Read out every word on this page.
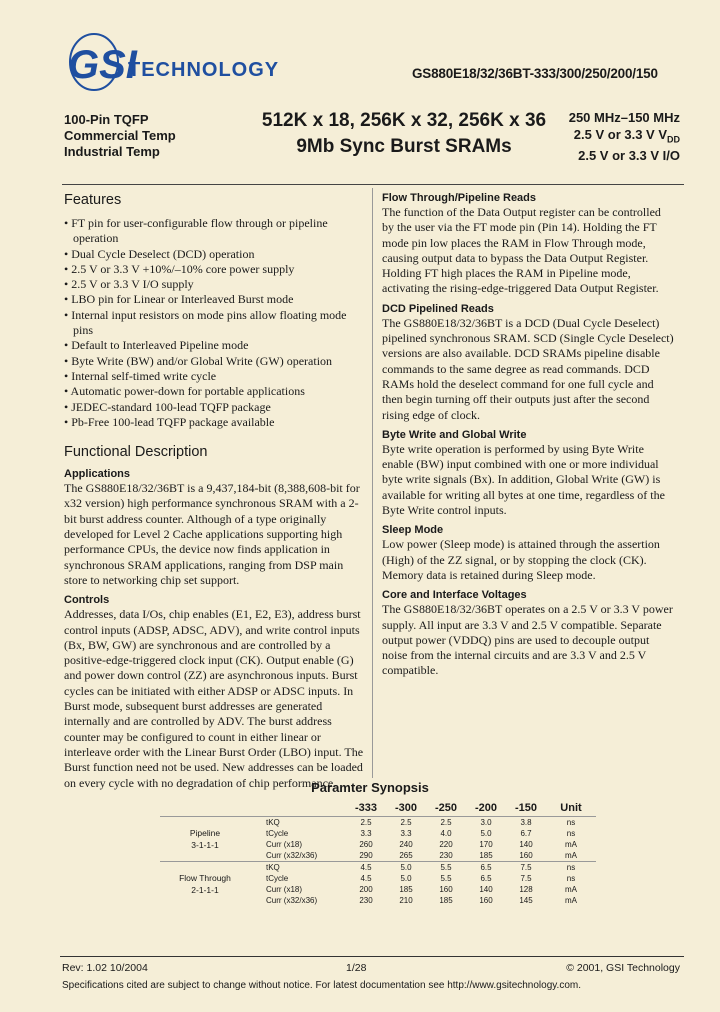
GSI
TECHNOLOGY	GS880E18/32/36BT-333/300/250/200/150
100-Pin TQFP
Commercial Temp
Industrial Temp
512K x 18, 256K x 32, 256K x 36
9Mb Sync Burst SRAMs
250 MHz–150 MHz
2.5 V or 3.3 V $V_{DD}$
2.5 V or 3.3 V I/O
Features
• FT pin for user-configurable flow through or pipeline operation
• Dual Cycle Deselect (DCD) operation
• 2.5 V or 3.3 V +10%/–10% core power supply
• 2.5 V or 3.3 V I/O supply
• LBO pin for Linear or Interleaved Burst mode
• Internal input resistors on mode pins allow floating mode pins
• Default to Interleaved Pipeline mode
• Byte Write (BW) and/or Global Write (GW) operation
• Internal self-timed write cycle
• Automatic power-down for portable applications
• JEDEC-standard 100-lead TQFP package
• Pb-Free 100-lead TQFP package available
Functional Description
Applications

The GS880E18/32/36BT is a 9,437,184-bit (8,388,608-bit for x32 version) high performance synchronous SRAM with a 2-bit burst address counter. Although of a type originally developed for Level 2 Cache applications supporting high performance CPUs, the device now finds application in synchronous SRAM applications, ranging from DSP main store to networking chip set support.

Controls

Addresses, data I/Os, chip enables (E1, E2, E3), address burst control inputs (ADSP, ADSC, ADV), and write control inputs (Bx, BW, GW) are synchronous and are controlled by a positive-edge-triggered clock input (CK). Output enable (G) and power down control (ZZ) are asynchronous inputs. Burst cycles can be initiated with either ADSP or ADSC inputs. In Burst mode, subsequent burst addresses are generated internally and are controlled by ADV. The burst address counter may be configured to count in either linear or interleave order with the Linear Burst Order (LBO) input. The Burst function need not be used. New addresses can be loaded on every cycle with no degradation of chip performance.

Flow Through/Pipeline Reads

The function of the Data Output register can be controlled by the user via the FT mode pin (Pin 14). Holding the FT mode pin low places the RAM in Flow Through mode, causing output data to bypass the Data Output Register. Holding FT high places the RAM in Pipeline mode, activating the rising-edge-triggered Data Output Register.

DCD Pipelined Reads

The GS880E18/32/36BT is a DCD (Dual Cycle Deselect) pipelined synchronous SRAM. SCD (Single Cycle Deselect) versions are also available. DCD SRAMs pipeline disable commands to the same degree as read commands. DCD RAMs hold the deselect command for one full cycle and then begin turning off their outputs just after the second rising edge of clock.

Byte Write and Global Write

Byte write operation is performed by using Byte Write enable (BW) input combined with one or more individual byte write signals (Bx). In addition, Global Write (GW) is available for writing all bytes at one time, regardless of the Byte Write control inputs.

Sleep Mode

Low power (Sleep mode) is attained through the assertion (High) of the ZZ signal, or by stopping the clock (CK). Memory data is retained during Sleep mode.

Core and Interface Voltages

The GS880E18/32/36BT operates on a 2.5 V or 3.3 V power supply. All input are 3.3 V and 2.5 V compatible. Separate output power (VDDQ) pins are used to decouple output noise from the internal circuits and are 3.3 V and 2.5 V compatible.

Paramter Synopsis
		-333	-300	-250	-200	-150	Unit

Pipeline
3-1-1-1	tKQ	2.5	2.5	2.5	3.0	3.8	ns
	tCycle	3.3	3.3	4.0	5.0	6.7	ns
	Curr (x18)	260	240	220	170	140	mA
	Curr (x32/x36)	290	265	230	185	160	mA

Flow Through
2-1-1-1	tKQ	4.5	5.0	5.5	6.5	7.5	ns
	tCycle	4.5	5.0	5.5	6.5	7.5	ns
	Curr (x18)	200	185	160	140	128	mA
	Curr (x32/x36)	230	210	185	160	145	mA
Rev: 1.02 10/2004	1/28	© 2001, GSI Technology
Specifications cited are subject to change without notice. For latest documentation see http://www.gsitechnology.com.
